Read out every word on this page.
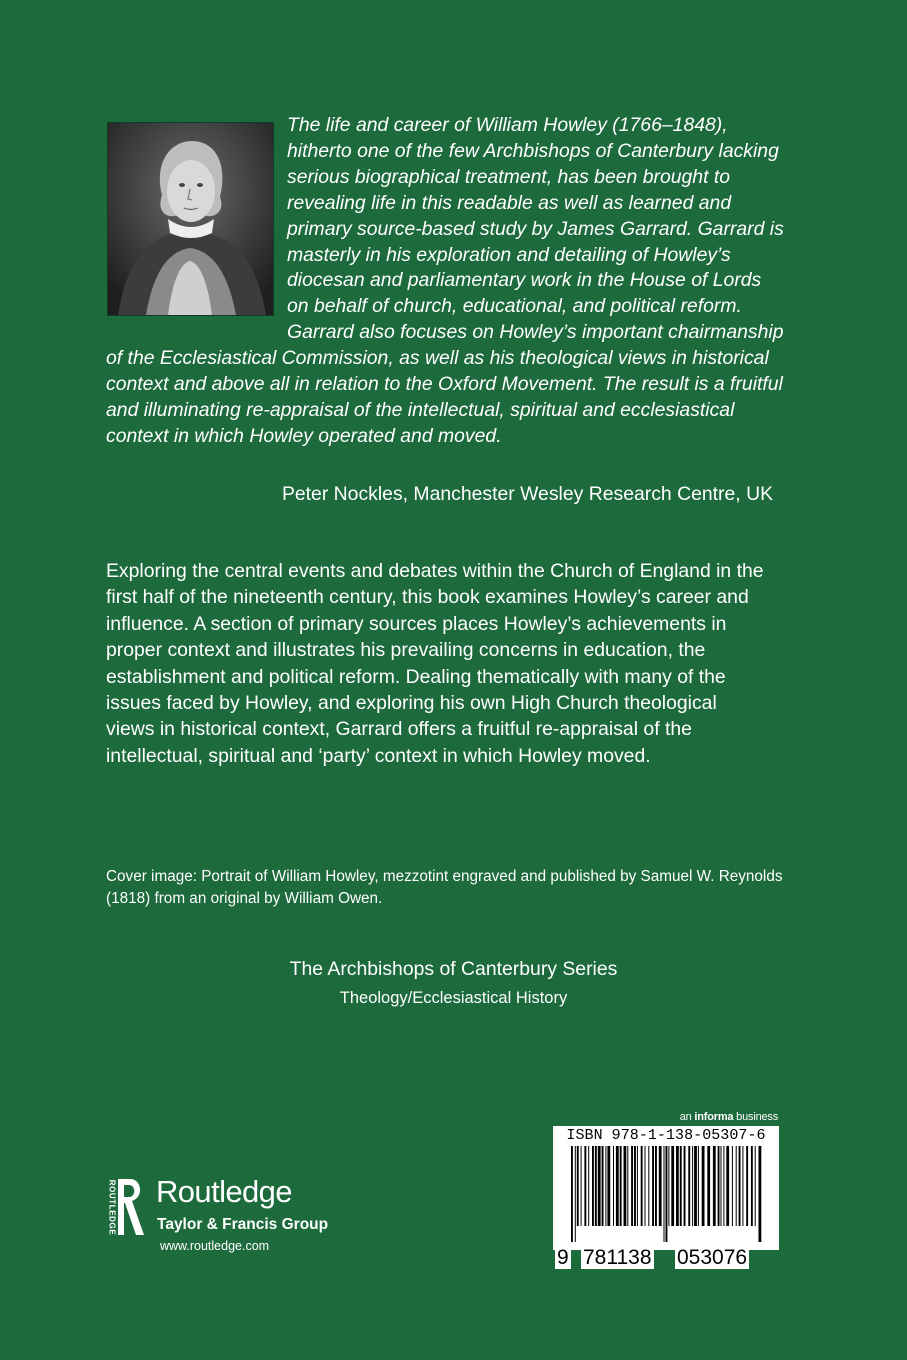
The life and career of William Howley (1766–1848), hitherto one of the few Archbishops of Canterbury lacking serious biographical treatment, has been brought to revealing life in this readable as well as learned and primary source-based study by James Garrard. Garrard is masterly in his exploration and detailing of Howley’s diocesan and parliamentary work in the House of Lords on behalf of church, educational, and political reform. Garrard also focuses on Howley’s important chairmanship of the Ecclesiastical Commission, as well as his theological views in historical context and above all in relation to the Oxford Movement. The result is a fruitful and illuminating re-appraisal of the intellectual, spiritual and ecclesiastical context in which Howley operated and moved.

Peter Nockles, Manchester Wesley Research Centre, UK

Exploring the central events and debates within the Church of England in the first half of the nineteenth century, this book examines Howley’s career and influence. A section of primary sources places Howley’s achievements in proper context and illustrates his prevailing concerns in education, the establishment and political reform. Dealing thematically with many of the issues faced by Howley, and exploring his own High Church theological views in historical context, Garrard offers a fruitful re-appraisal of the intellectual, spiritual and ‘party’ context in which Howley moved.

Cover image: Portrait of William Howley, mezzotint engraved and published by Samuel W. Reynolds (1818) from an original by William Owen.

The Archbishops of Canterbury Series

Theology/Ecclesiastical History

an informa business
ISBN 978-1-138-05307-6
9 781138 053076
ROUTLEDGE Routledge
Taylor & Francis Group
www.routledge.com
